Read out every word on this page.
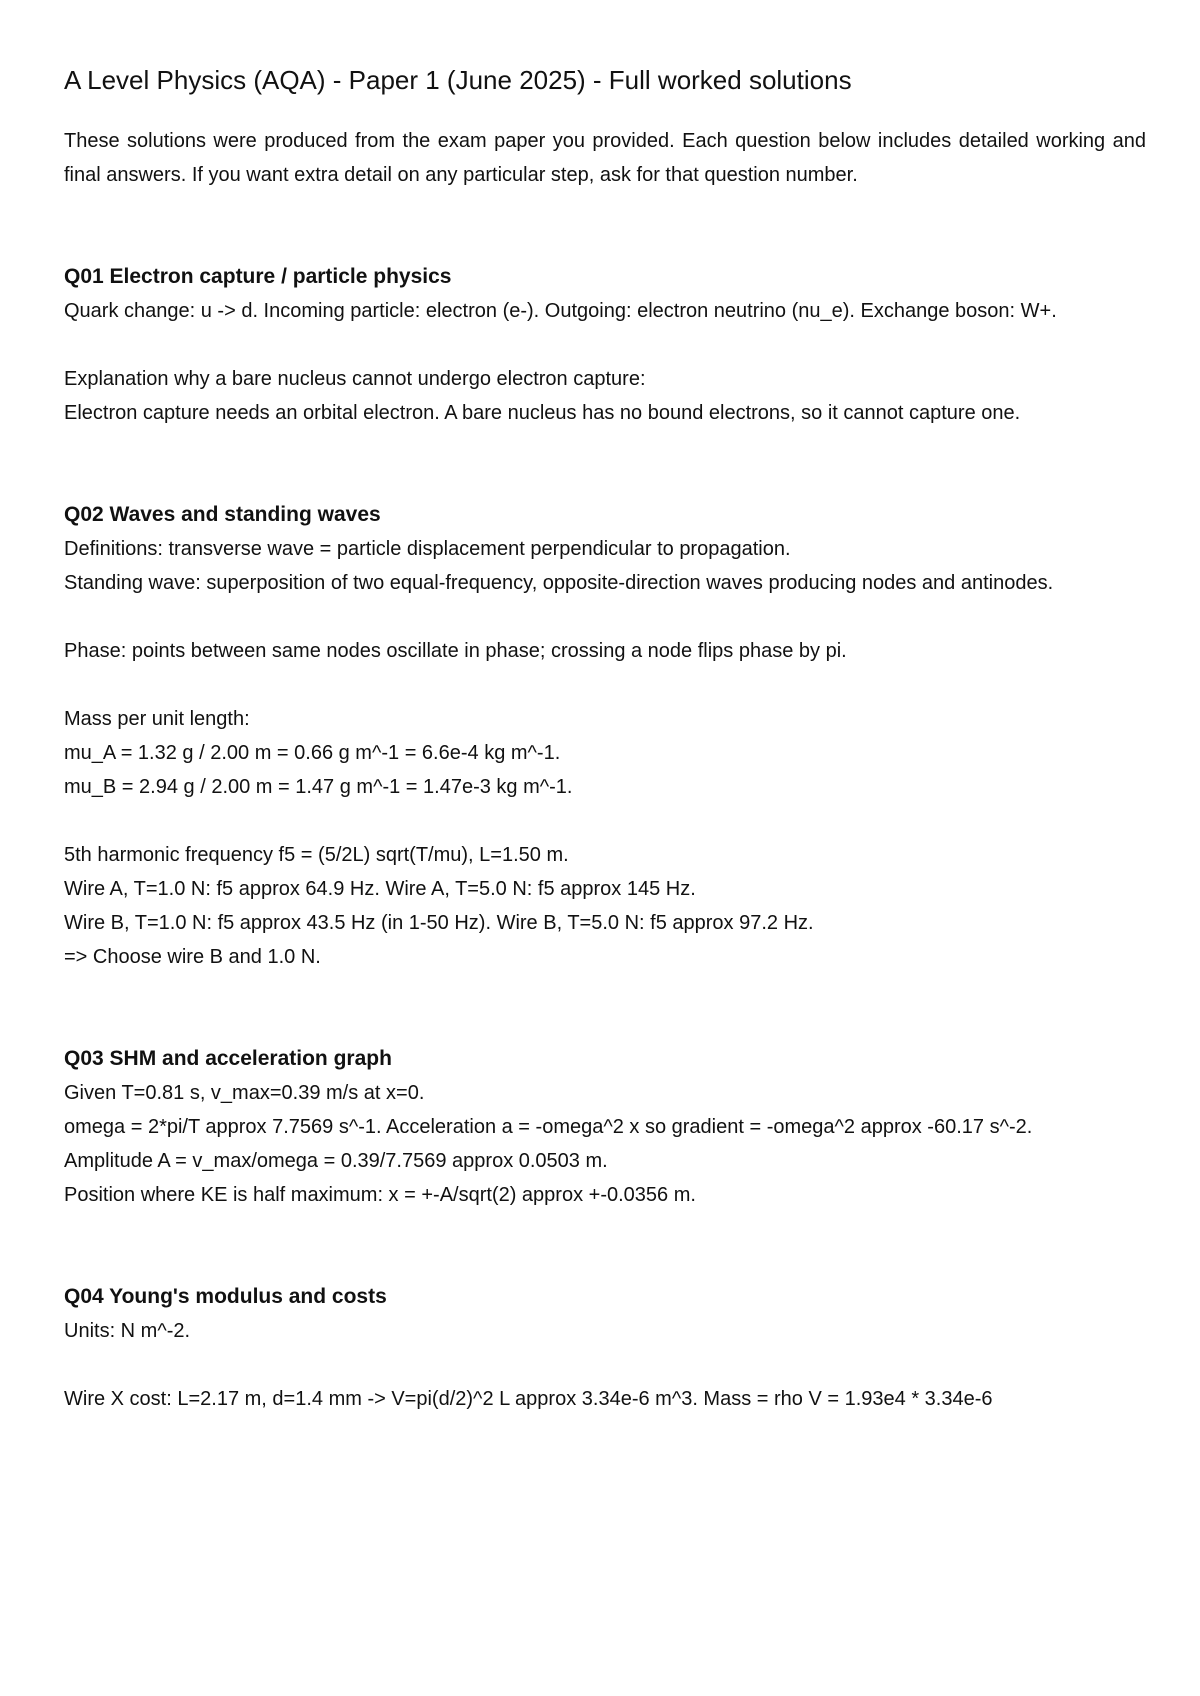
A Level Physics (AQA) - Paper 1 (June 2025) - Full worked solutions

These solutions were produced from the exam paper you provided. Each question below includes detailed working and final answers. If you want extra detail on any particular step, ask for that question number.

Q01 Electron capture / particle physics

Quark change: u -> d. Incoming particle: electron (e-). Outgoing: electron neutrino (nu_e). Exchange boson: W+.

Explanation why a bare nucleus cannot undergo electron capture:

Electron capture needs an orbital electron. A bare nucleus has no bound electrons, so it cannot capture one.

Q02 Waves and standing waves

Definitions: transverse wave = particle displacement perpendicular to propagation.

Standing wave: superposition of two equal-frequency, opposite-direction waves producing nodes and antinodes.

Phase: points between same nodes oscillate in phase; crossing a node flips phase by pi.

Mass per unit length:

mu_A = 1.32 g / 2.00 m = 0.66 g m^-1 = 6.6e-4 kg m^-1.

mu_B = 2.94 g / 2.00 m = 1.47 g m^-1 = 1.47e-3 kg m^-1.

5th harmonic frequency f5 = (5/2L) sqrt(T/mu), L=1.50 m.

Wire A, T=1.0 N: f5 approx 64.9 Hz. Wire A, T=5.0 N: f5 approx 145 Hz.

Wire B, T=1.0 N: f5 approx 43.5 Hz (in 1-50 Hz). Wire B, T=5.0 N: f5 approx 97.2 Hz.

=> Choose wire B and 1.0 N.

Q03 SHM and acceleration graph

Given T=0.81 s, v_max=0.39 m/s at x=0.

omega = 2*pi/T approx 7.7569 s^-1. Acceleration a = -omega^2 x so gradient = -omega^2 approx -60.17 s^-2.

Amplitude A = v_max/omega = 0.39/7.7569 approx 0.0503 m.

Position where KE is half maximum: x = +-A/sqrt(2) approx +-0.0356 m.

Q04 Young's modulus and costs

Units: N m^-2.

Wire X cost: L=2.17 m, d=1.4 mm -> V=pi(d/2)^2 L approx 3.34e-6 m^3. Mass = rho V = 1.93e4 * 3.34e-6
